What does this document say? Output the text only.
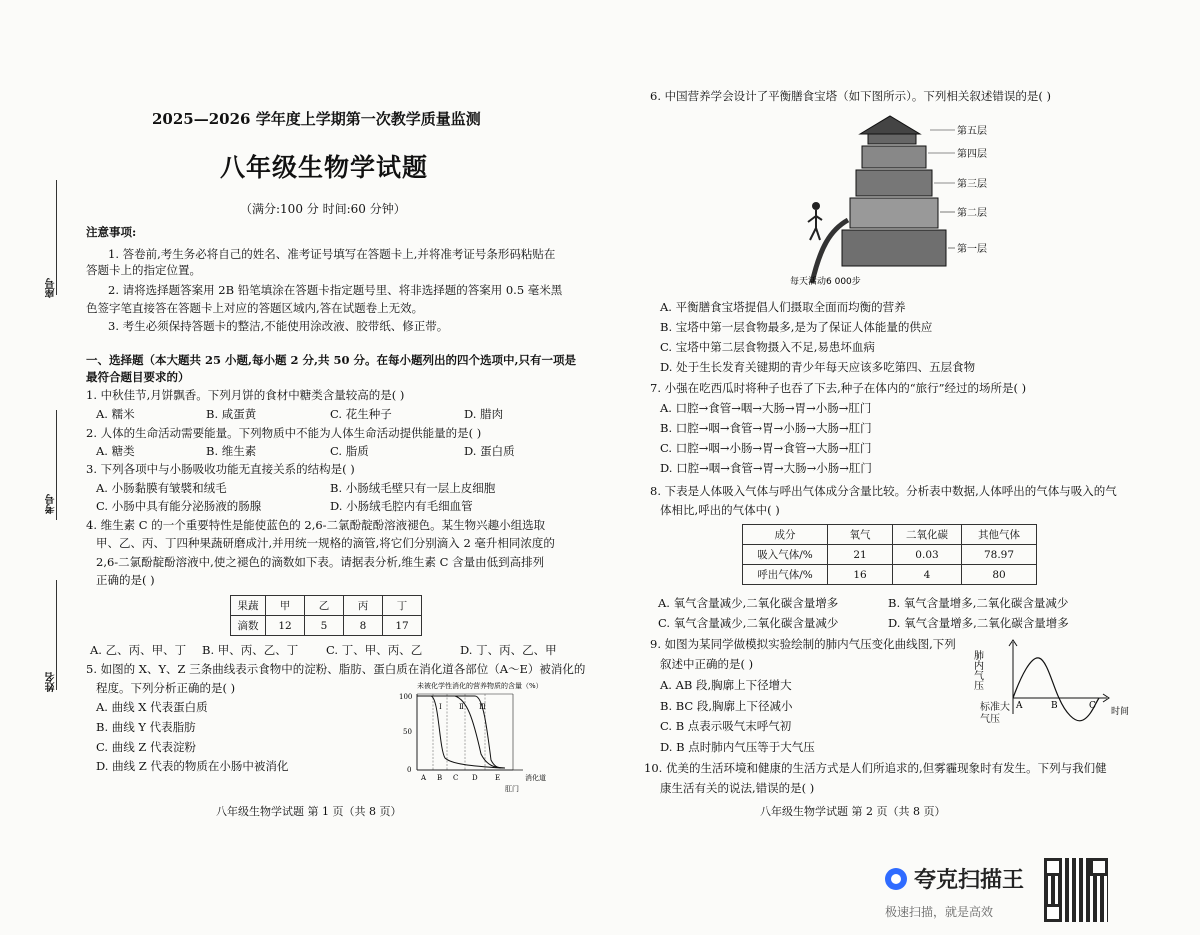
座号
考号
姓名
2025—2026 学年度上学期第一次教学质量监测
八年级生物学试题
（满分:100 分 时间:60 分钟）
注意事项:
1. 答卷前,考生务必将自己的姓名、准考证号填写在答题卡上,并将准考证号条形码粘贴在
答题卡上的指定位置。
2. 请将选择题答案用 2B 铅笔填涂在答题卡指定题号里、将非选择题的答案用 0.5 毫米黑
色签字笔直接答在答题卡上对应的答题区域内,答在试题卷上无效。
3. 考生必须保持答题卡的整洁,不能使用涂改液、胶带纸、修正带。
一、选择题（本大题共 25 小题,每小题 2 分,共 50 分。在每小题列出的四个选项中,只有一项是
最符合题目要求的）
1. 中秋佳节,月饼飘香。下列月饼的食材中糖类含量较高的是( )
A. 糯米	B. 咸蛋黄	C. 花生种子	D. 腊肉
2. 人体的生命活动需要能量。下列物质中不能为人体生命活动提供能量的是( )
A. 糖类	B. 维生素	C. 脂质	D. 蛋白质
3. 下列各项中与小肠吸收功能无直接关系的结构是( )
A. 小肠黏膜有皱襞和绒毛	B. 小肠绒毛壁只有一层上皮细胞
C. 小肠中具有能分泌肠液的肠腺	D. 小肠绒毛腔内有毛细血管
4. 维生素 C 的一个重要特性是能使蓝色的 2,6-二氯酚靛酚溶液褪色。某生物兴趣小组选取
甲、乙、丙、丁四种果蔬研磨成汁,并用统一规格的滴管,将它们分别滴入 2 毫升相同浓度的
2,6-二氯酚靛酚溶液中,使之褪色的滴数如下表。请据表分析,维生素 C 含量由低到高排列
正确的是( )
果蔬	甲	乙	丙	丁
滴数	12	5	8	17
A. 乙、丙、甲、丁 B. 甲、丙、乙、丁 C. 丁、甲、丙、乙	D. 丁、丙、乙、甲
5. 如图的 X、Y、Z 三条曲线表示食物中的淀粉、脂肪、蛋白质在消化道各部位（A～E）被消化的
程度。下列分析正确的是( )
A. 曲线 X 代表蛋白质
B. 曲线 Y 代表脂肪
C. 曲线 Z 代表淀粉
D. 曲线 Z 代表的物质在小肠中被消化
未被化学性消化的营养物质的含量（%）
100
50
0
Ⅰ Ⅱ Ⅲ
A B C D E	消化道
肛门
八年级生物学试题 第 1 页（共 8 页）
6. 中国营养学会设计了平衡膳食宝塔（如下图所示）。下列相关叙述错误的是( )
第五层
第四层
第三层
第二层
第一层
每天活动6 000步
A. 平衡膳食宝塔提倡人们摄取全面而均衡的营养
B. 宝塔中第一层食物最多,是为了保证人体能量的供应
C. 宝塔中第二层食物摄入不足,易患坏血病
D. 处于生长发育关键期的青少年每天应该多吃第四、五层食物
7. 小强在吃西瓜时将种子也吞了下去,种子在体内的“旅行”经过的场所是( )
A. 口腔→食管→咽→大肠→胃→小肠→肛门
B. 口腔→咽→食管→胃→小肠→大肠→肛门
C. 口腔→咽→小肠→胃→食管→大肠→肛门
D. 口腔→咽→食管→胃→大肠→小肠→肛门
8. 下表是人体吸入气体与呼出气体成分含量比较。分析表中数据,人体呼出的气体与吸入的气
体相比,呼出的气体中( )
成分	氧气	二氧化碳	其他气体
吸入气体/%	21	0.03	78.97
呼出气体/%	16	4	80
A. 氧气含量减少,二氧化碳含量增多	B. 氧气含量增多,二氧化碳含量减少
C. 氧气含量减少,二氧化碳含量减少	D. 氧气含量增多,二氧化碳含量增多
9. 如图为某同学做模拟实验绘制的肺内气压变化曲线图,下列
叙述中正确的是( )
A. AB 段,胸廓上下径增大
B. BC 段,胸廓上下径减小
C. B 点表示吸气末呼气初
D. B 点时肺内气压等于大气压
肺内气压
A	B	C
时间
标准大气压
10. 优美的生活环境和健康的生活方式是人们所追求的,但雾霾现象时有发生。下列与我们健
康生活有关的说法,错误的是( )
八年级生物学试题 第 2 页（共 8 页）
夸克扫描王
极速扫描，就是高效
